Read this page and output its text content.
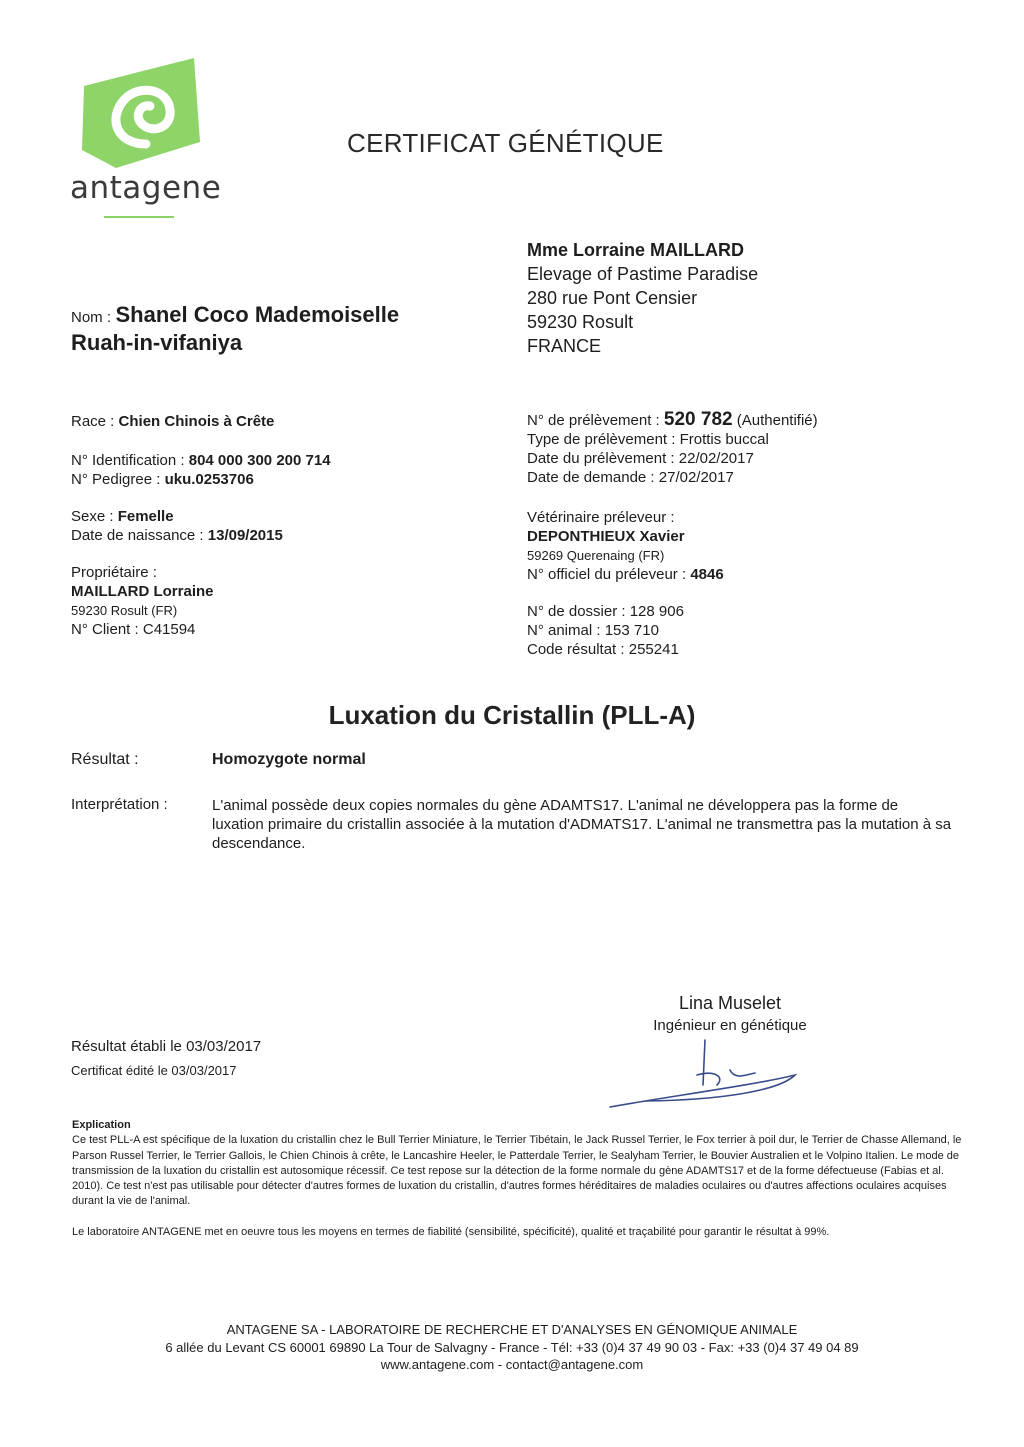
antagene
CERTIFICAT GÉNÉTIQUE
Mme Lorraine MAILLARD
Elevage of Pastime Paradise
280 rue Pont Censier
59230 Rosult
FRANCE
Nom : Shanel Coco Mademoiselle
Ruah-in-vifaniya
Race : Chien Chinois à Crête
N° Identification : 804 000 300 200 714
N° Pedigree : uku.0253706
Sexe : Femelle
Date de naissance : 13/09/2015
Propriétaire :
MAILLARD Lorraine
59230 Rosult (FR)
N° Client : C41594
N° de prélèvement : 520 782 (Authentifié)
Type de prélèvement : Frottis buccal
Date du prélèvement : 22/02/2017
Date de demande : 27/02/2017
Vétérinaire préleveur :
DEPONTHIEUX Xavier
59269 Querenaing (FR)
N° officiel du préleveur : 4846
N° de dossier : 128 906
N° animal : 153 710
Code résultat : 255241
Luxation du Cristallin (PLL-A)
Résultat :	Homozygote normal
Interprétation :	L'animal possède deux copies normales du gène ADAMTS17. L'animal ne développera pas la forme de luxation primaire du cristallin associée à la mutation d'ADMATS17. L'animal ne transmettra pas la mutation à sa descendance.
Résultat établi le 03/03/2017
Certificat édité le 03/03/2017
Lina Muselet
Ingénieur en génétique
Explication
Ce test PLL-A est spécifique de la luxation du cristallin chez le Bull Terrier Miniature, le Terrier Tibétain, le Jack Russel Terrier, le Fox terrier à poil dur, le Terrier de Chasse Allemand, le Parson Russel Terrier, le Terrier Gallois, le Chien Chinois à crête, le Lancashire Heeler, le Patterdale Terrier, le Sealyham Terrier, le Bouvier Australien et le Volpino Italien. Le mode de transmission de la luxation du cristallin est autosomique récessif. Ce test repose sur la détection de la forme normale du gène ADAMTS17 et de la forme défectueuse (Fabias et al. 2010). Ce test n'est pas utilisable pour détecter d'autres formes de luxation du cristallin, d'autres formes héréditaires de maladies oculaires ou d'autres affections oculaires acquises durant la vie de l'animal.
Le laboratoire ANTAGENE met en oeuvre tous les moyens en termes de fiabilité (sensibilité, spécificité), qualité et traçabilité pour garantir le résultat à 99%.
ANTAGENE SA - LABORATOIRE DE RECHERCHE ET D'ANALYSES EN GÉNOMIQUE ANIMALE
6 allée du Levant CS 60001 69890 La Tour de Salvagny - France - Tél: +33 (0)4 37 49 90 03 - Fax: +33 (0)4 37 49 04 89
www.antagene.com - contact@antagene.com
